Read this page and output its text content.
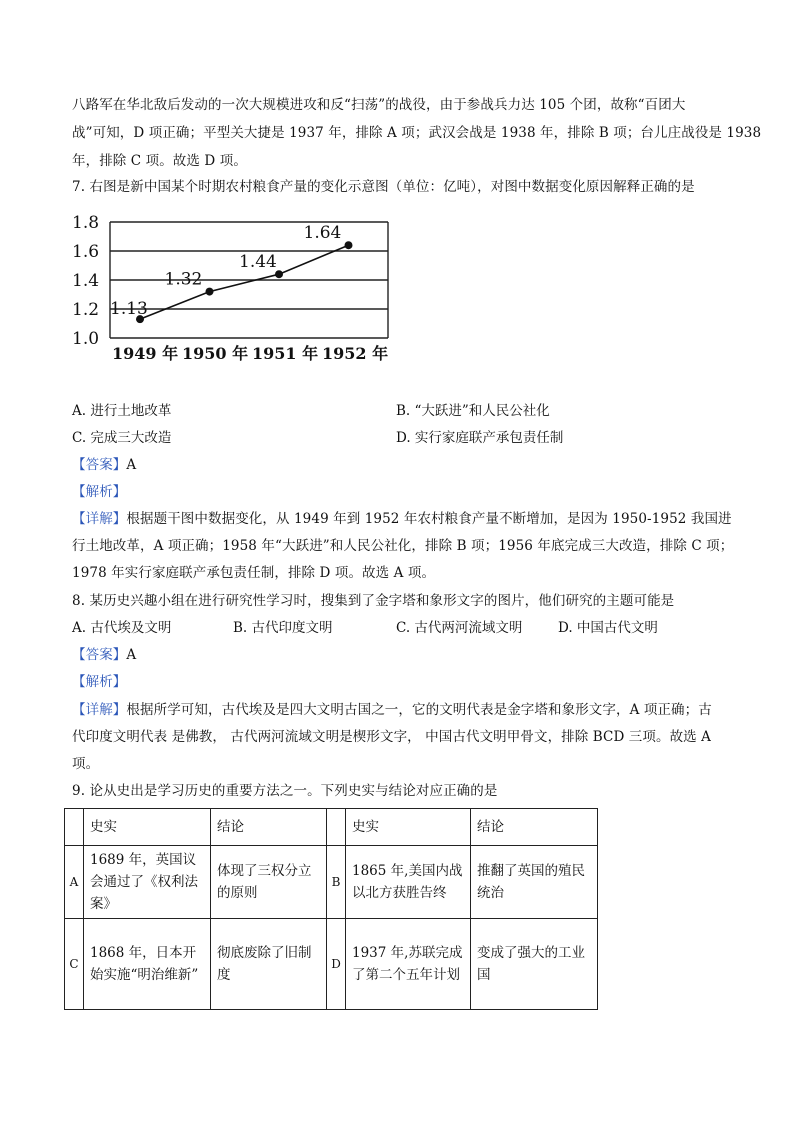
八路军在华北敌后发动的一次大规模进攻和反“扫荡”的战役，由于参战兵力达 105 个团，故称“百团大
战”可知，D 项正确；平型关大捷是 1937 年，排除 A 项；武汉会战是 1938 年，排除 B 项；台儿庄战役是 1938
年，排除 C 项。故选 D 项。
7. 右图是新中国某个时期农村粮食产量的变化示意图（单位：亿吨），对图中数据变化原因解释正确的是
1.0
1.2
1.4
1.6
1.8
1.13
1.32
1.44
1.64
1949 年 1950 年 1951 年 1952 年
A. 进行土地改革	B. “大跃进”和人民公社化
C. 完成三大改造	D. 实行家庭联产承包责任制
【答案】A
【解析】
【详解】根据题干图中数据变化，从 1949 年到 1952 年农村粮食产量不断增加，是因为 1950-1952 我国进
行土地改革，A 项正确；1958 年“大跃进”和人民公社化，排除 B 项；1956 年底完成三大改造，排除 C 项；
1978 年实行家庭联产承包责任制，排除 D 项。故选 A 项。
8. 某历史兴趣小组在进行研究性学习时，搜集到了金字塔和象形文字的图片，他们研究的主题可能是
A. 古代埃及文明	B. 古代印度文明	C. 古代两河流域文明	D. 中国古代文明
【答案】A
【解析】
【详解】根据所学可知，古代埃及是四大文明古国之一，它的文明代表是金字塔和象形文字，A 项正确；古
代印度文明代表 是佛教， 古代两河流域文明是楔形文字， 中国古代文明甲骨文，排除 BCD 三项。故选 A
项。
9. 论从史出是学习历史的重要方法之一。下列史实与结论对应正确的是
	史实	结论		史实	结论
A	1689 年，英国议会通过了《权利法案》	体现了三权分立的原则	B	1865 年,美国内战以北方获胜告终	推翻了英国的殖民统治
C	1868 年，日本开始实施“明治维新”	彻底废除了旧制度	D	1937 年,苏联完成了第二个五年计划	变成了强大的工业国
